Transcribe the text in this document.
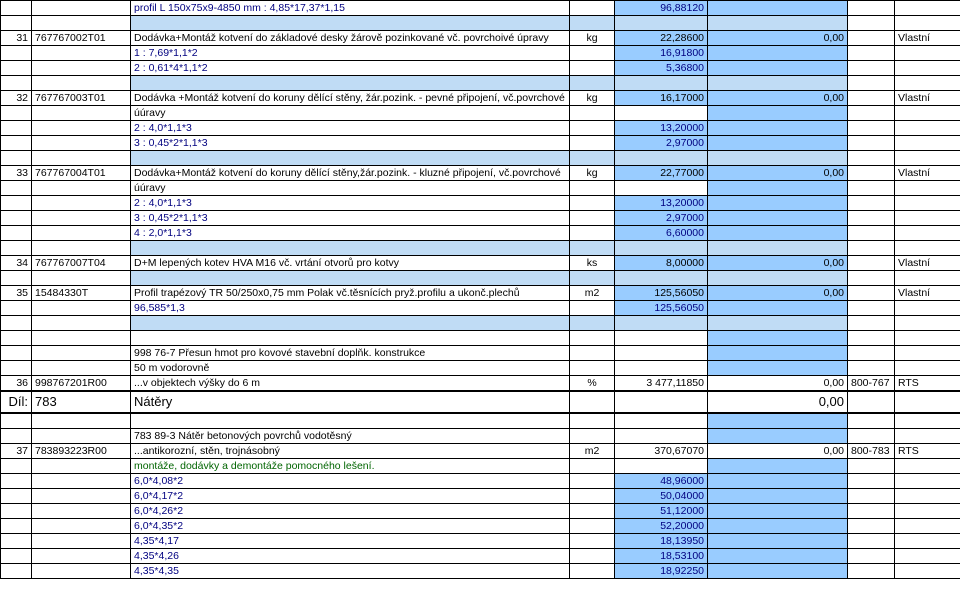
		profil L 150x75x9-4850 mm : 4,85*17,37*1,15		96,88120			

31	767767002T01	Dodávka+Montáž kotvení do základové desky žárově pozinkované vč. povrchoivé úpravy	kg	22,28600	0,00		Vlastní
		1 : 7,69*1,1*2		16,91800			
		2 : 0,61*4*1,1*2		5,36800			

32	767767003T01	Dodávka +Montáž kotvení do koruny dělící stěny, žár.pozink. - pevné připojení, vč.povrchové	kg	16,17000	0,00		Vlastní
		úúravy					
		2 : 4,0*1,1*3		13,20000			
		3 : 0,45*2*1,1*3		2,97000			

33	767767004T01	Dodávka+Montáž kotvení do koruny dělící stěny,žár.pozink. - kluzné připojení, vč.povrchové	kg	22,77000	0,00		Vlastní
		úúravy					
		2 : 4,0*1,1*3		13,20000			
		3 : 0,45*2*1,1*3		2,97000			
		4 : 2,0*1,1*3		6,60000			

34	767767007T04	D+M lepených kotev HVA M16 vč. vrtání otvorů pro kotvy	ks	8,00000	0,00		Vlastní

35	15484330T	Profil trapézový TR 50/250x0,75 mm Polak vč.těsnících pryž.profilu a ukonč.plechů	m2	125,56050	0,00		Vlastní
		96,585*1,3		125,56050			

		998 76-7 Přesun hmot pro kovové stavební doplňk. konstrukce					
		50 m vodorovně					
36	998767201R00	...v objektech výšky do 6 m	%	3 477,11850	0,00	800-767	RTS
Díl:	783	Nátěry			0,00		

		783 89-3 Nátěr betonových povrchů vodotěsný					
37	783893223R00	...antikorozní, stěn, trojnásobný	m2	370,67070	0,00	800-783	RTS
		montáže, dodávky a demontáže pomocného lešení.					
		6,0*4,08*2		48,96000			
		6,0*4,17*2		50,04000			
		6,0*4,26*2		51,12000			
		6,0*4,35*2		52,20000			
		4,35*4,17		18,13950			
		4,35*4,26		18,53100			
		4,35*4,35		18,92250			
